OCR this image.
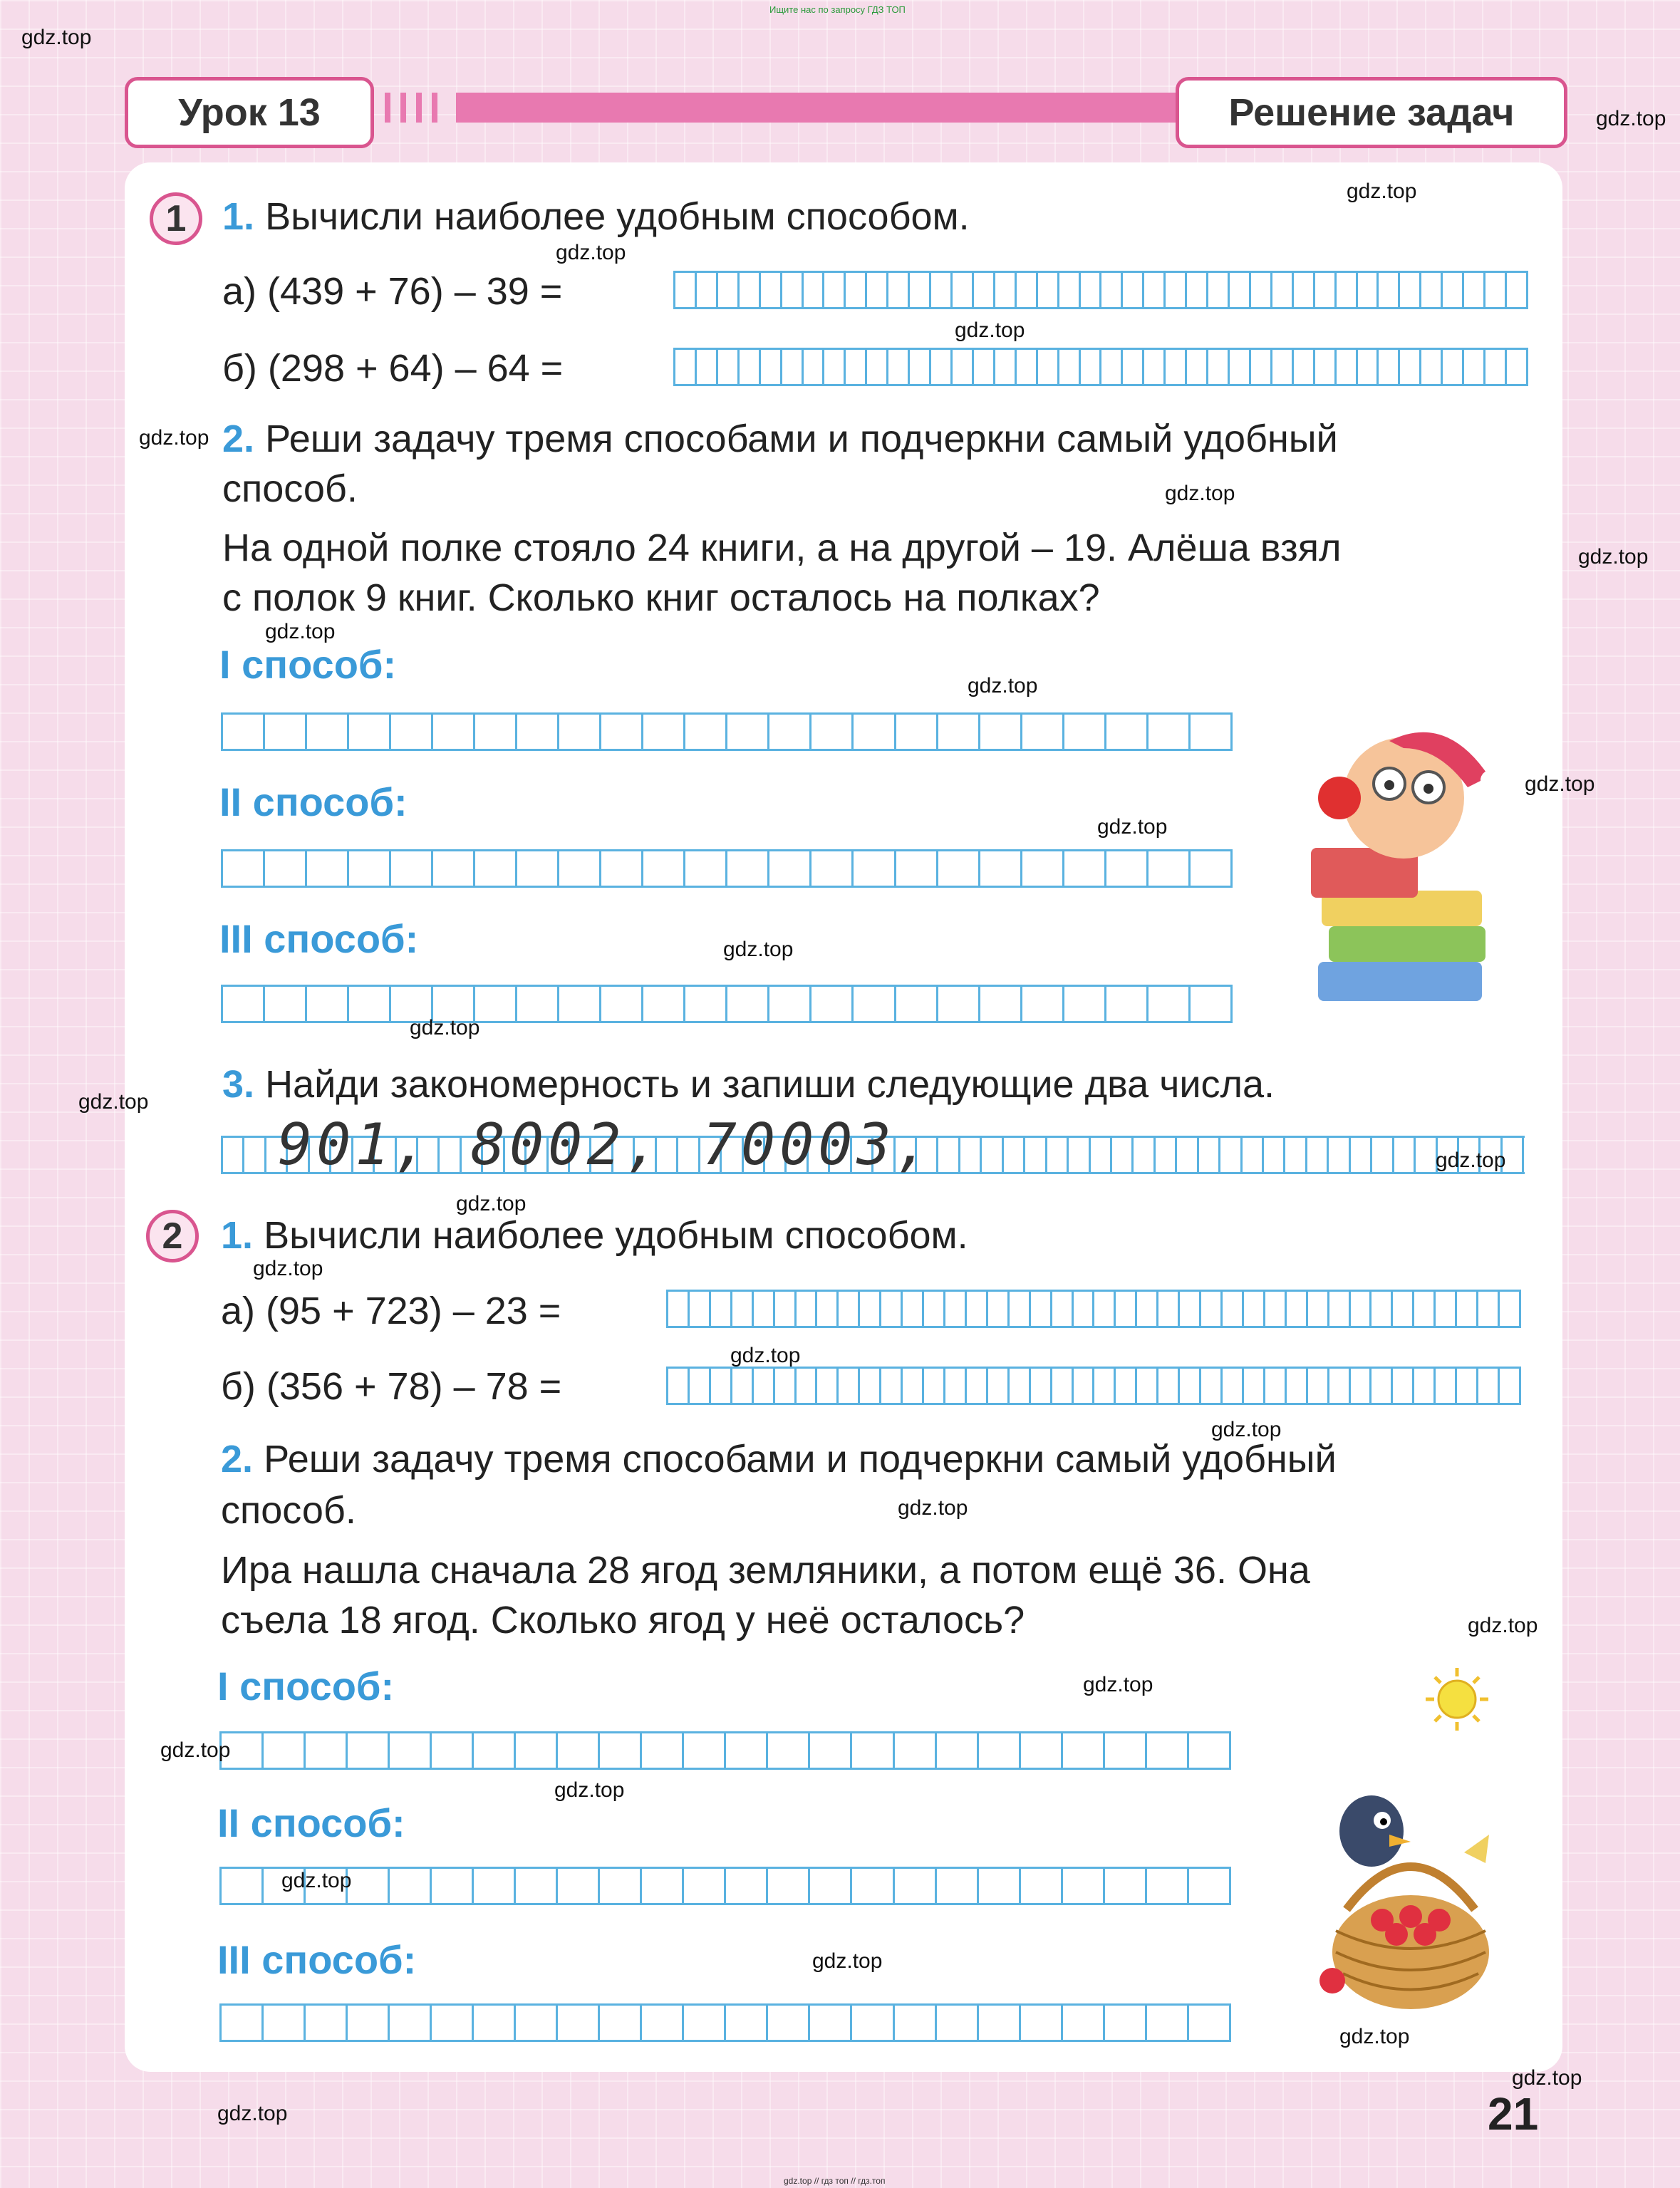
Ищите нас по запросу ГДЗ ТОП
gdz.top // гдз топ // гдз.топ
Урок 13	Решение задач
1 1. Вычисли наиболее удобным способом.
а) (439 + 76) – 39 =
б) (298 + 64) – 64 =
2. Реши задачу тремя способами и подчеркни самый удобный
способ.
На одной полке стояло 24 книги, а на другой – 19. Алёша взял
с полок 9 книг. Сколько книг осталось на полках?
I способ:
II способ:
III способ:
3. Найди закономерность и запиши следующие два числа.
901, 8002, 70003,
2 1. Вычисли наиболее удобным способом.
а) (95 + 723) – 23 =
б) (356 + 78) – 78 =
2. Реши задачу тремя способами и подчеркни самый удобный
способ.
Ира нашла сначала 28 ягод земляники, а потом ещё 36. Она
съела 18 ягод. Сколько ягод у неё осталось?
I способ:
II способ:
III способ:
21
gdz.top
gdz.top
gdz.top
gdz.top
gdz.top
gdz.top
gdz.top
gdz.top
gdz.top
gdz.top
gdz.top
gdz.top
gdz.top
gdz.top
gdz.top
gdz.top
gdz.top
gdz.top
gdz.top
gdz.top
gdz.top
gdz.top
gdz.top
gdz.top
gdz.top
gdz.top
gdz.top
gdz.top
gdz.top
gdz.top
